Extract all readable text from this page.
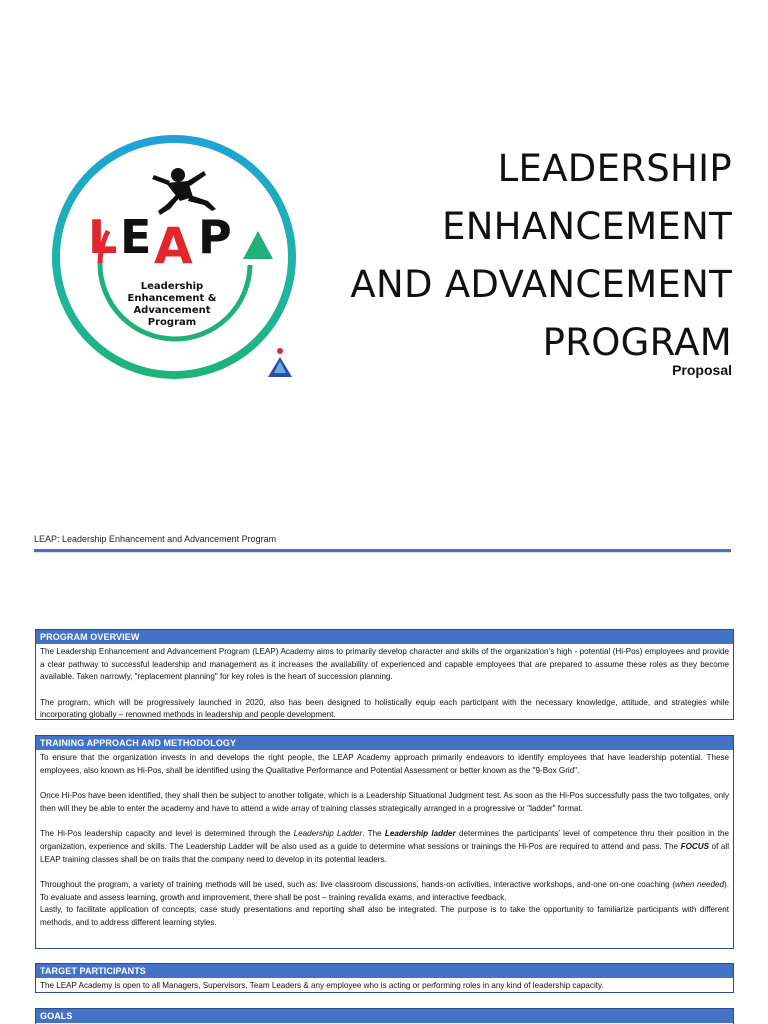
L E A P
Leadership
Enhancement &
Advancement
Program
LEADERSHIP
ENHANCEMENT
AND ADVANCEMENT
PROGRAM
Proposal
LEAP: Leadership Enhancement and Advancement Program
PROGRAM OVERVIEW

The Leadership Enhancement and Advancement Program (LEAP) Academy aims to primarily develop character and skills of the organization’s high - potential (Hi-Pos) employees and provide a clear pathway to successful leadership and management as it increases the availability of experienced and capable employees that are prepared to assume these roles as they become available. Taken narrowly, "replacement planning" for key roles is the heart of succession planning.

The program, which will be progressively launched in 2020, also has been designed to holistically equip each participant with the necessary knowledge, attitude, and strategies while incorporating globally – renowned methods in leadership and people development.

TRAINING APPROACH AND METHODOLOGY

To ensure that the organization invests in and develops the right people, the LEAP Academy approach primarily endeavors to identify employees that have leadership potential. These employees, also known as Hi-Pos, shall be identified using the Qualitative Performance and Potential Assessment or better known as the "9-Box Grid".

Once Hi-Pos have been identified, they shall then be subject to another tollgate, which is a Leadership Situational Judgment test. As soon as the Hi-Pos successfully pass the two tollgates, only then will they be able to enter the academy and have to attend a wide array of training classes strategically arranged in a progressive or "ladder" format.

The Hi-Pos leadership capacity and level is determined through the Leadership Ladder. The Leadership ladder determines the participants’ level of competence thru their position in the organization, experience and skills. The Leadership Ladder will be also used as a guide to determine what sessions or trainings the Hi-Pos are required to attend and pass. The FOCUS of all LEAP training classes shall be on traits that the company need to develop in its potential leaders.

Throughout the program, a variety of training methods will be used, such as: live classroom discussions, hands-on activities, interactive workshops, and-one on-one coaching (when needed). To evaluate and assess learning, growth and improvement, there shall be post – training revalida exams, and interactive feedback.

Lastly, to facilitate application of concepts, case study presentations and reporting shall also be integrated. The purpose is to take the opportunity to familiarize participants with different methods, and to address different learning styles.

TARGET PARTICIPANTS

The LEAP Academy is open to all Managers, Supervisors, Team Leaders & any employee who is acting or performing roles in any kind of leadership capacity.

GOALS
